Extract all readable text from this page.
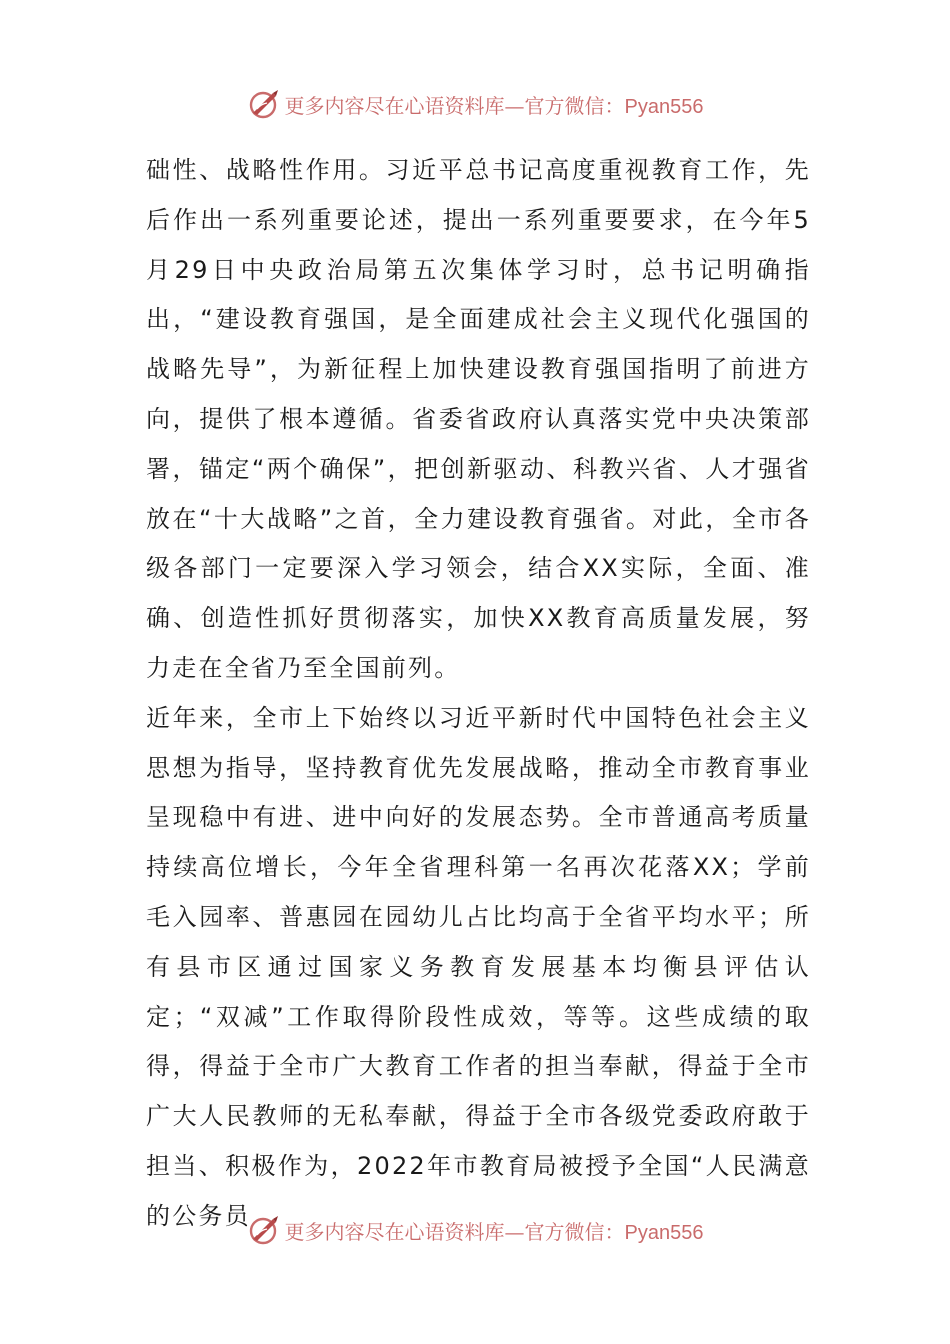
更多内容尽在心语资料库—官方微信：Pyan556

础性、战略性作用。习近平总书记高度重视教育工作，先后作出一系列重要论述，提出一系列重要要求，在今年5月29日中央政治局第五次集体学习时，总书记明确指出，“建设教育强国，是全面建成社会主义现代化强国的战略先导”，为新征程上加快建设教育强国指明了前进方向，提供了根本遵循。省委省政府认真落实党中央决策部署，锚定“两个确保”，把创新驱动、科教兴省、人才强省放在“十大战略”之首，全力建设教育强省。对此，全市各级各部门一定要深入学习领会，结合XX实际，全面、准确、创造性抓好贯彻落实，加快XX教育高质量发展，努力走在全省乃至全国前列。

近年来，全市上下始终以习近平新时代中国特色社会主义思想为指导，坚持教育优先发展战略，推动全市教育事业呈现稳中有进、进中向好的发展态势。全市普通高考质量持续高位增长，今年全省理科第一名再次花落XX；学前毛入园率、普惠园在园幼儿占比均高于全省平均水平；所有县市区通过国家义务教育发展基本均衡县评估认定；“双减”工作取得阶段性成效，等等。这些成绩的取得，得益于全市广大教育工作者的担当奉献，得益于全市广大人民教师的无私奉献，得益于全市各级党委政府敢于担当、积极作为，2022年市教育局被授予全国“人民满意的公务员

更多内容尽在心语资料库—官方微信：Pyan556
